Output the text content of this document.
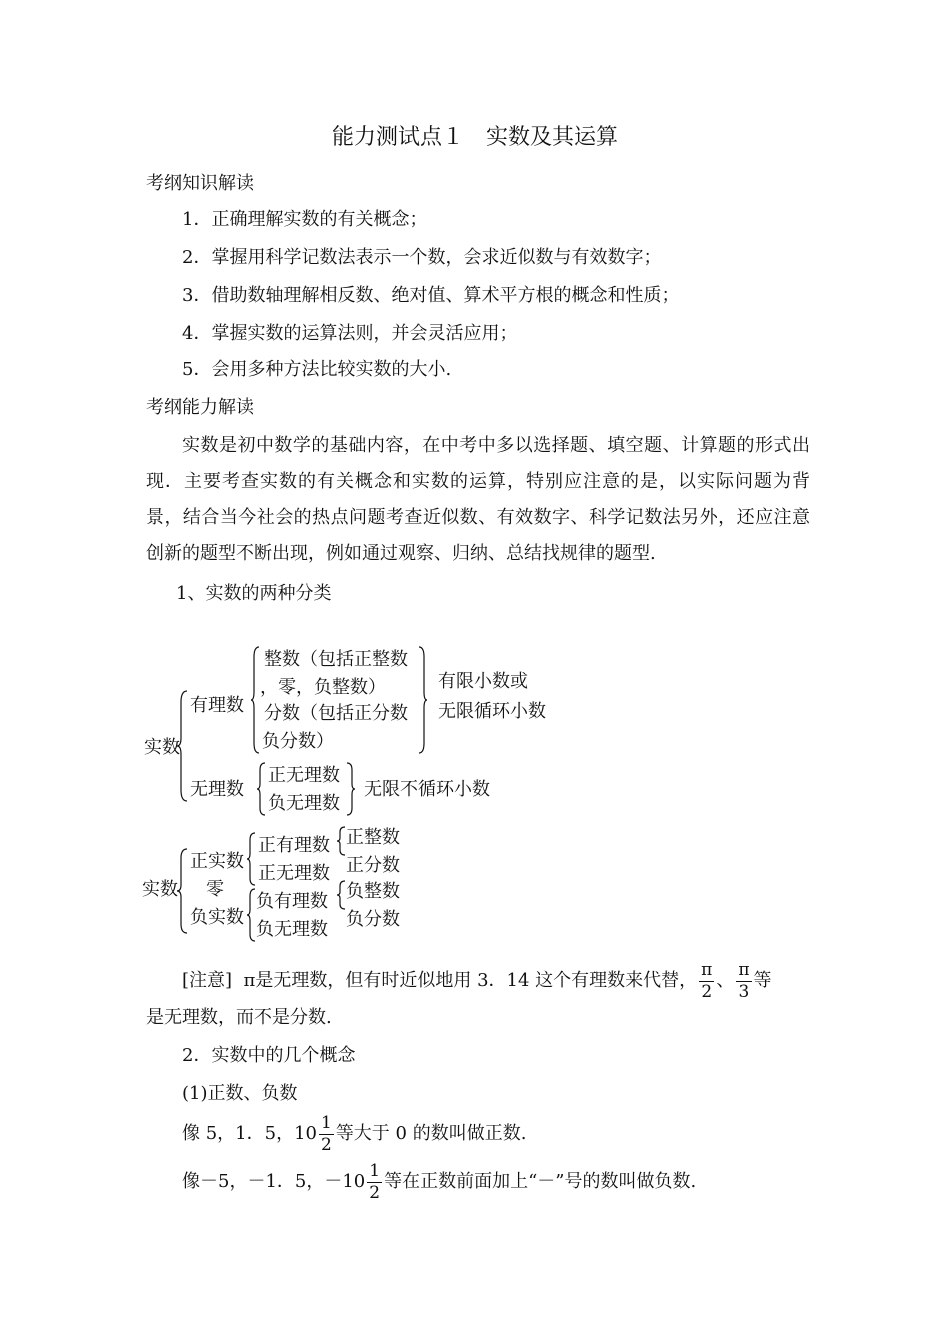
能力测试点１　实数及其运算
考纲知识解读
1．正确理解实数的有关概念；
2．掌握用科学记数法表示一个数，会求近似数与有效数字；
3．借助数轴理解相反数、绝对值、算术平方根的概念和性质；
4．掌握实数的运算法则，并会灵活应用；
5．会用多种方法比较实数的大小.
考纲能力解读
实数是初中数学的基础内容，在中考中多以选择题、填空题、计算题的形式出现．主要考查实数的有关概念和实数的运算，特别应注意的是，以实际问题为背景，结合当今社会的热点问题考查近似数、有效数字、科学记数法另外，还应注意创新的题型不断出现，例如通过观察、归纳、总结找规律的题型.
1、实数的两种分类
实数
有理数
整数（包括正整数
，零，负整数）
分数（包括正分数
负分数）
有限小数或
无限循环小数
无理数
正无理数
负无理数
无限不循环小数
实数
正实数
零
负实数
正有理数
正无理数
负有理数
负无理数
正整数
正分数
负整数
负分数
[注意] π是无理数，但有时近似地用 3．14 这个有理数来代替， $\frac{\pi}{2}$ 、 $\frac{\pi}{3}$ 等
是无理数，而不是分数.
2．实数中的几个概念
(1)正数、负数
像 5，1．5，$10 \frac{1}{2}$ 等大于 0 的数叫做正数.
像－5，－1．5，$-10 \frac{1}{2}$ 等在正数前面加上“－”号的数叫做负数.
